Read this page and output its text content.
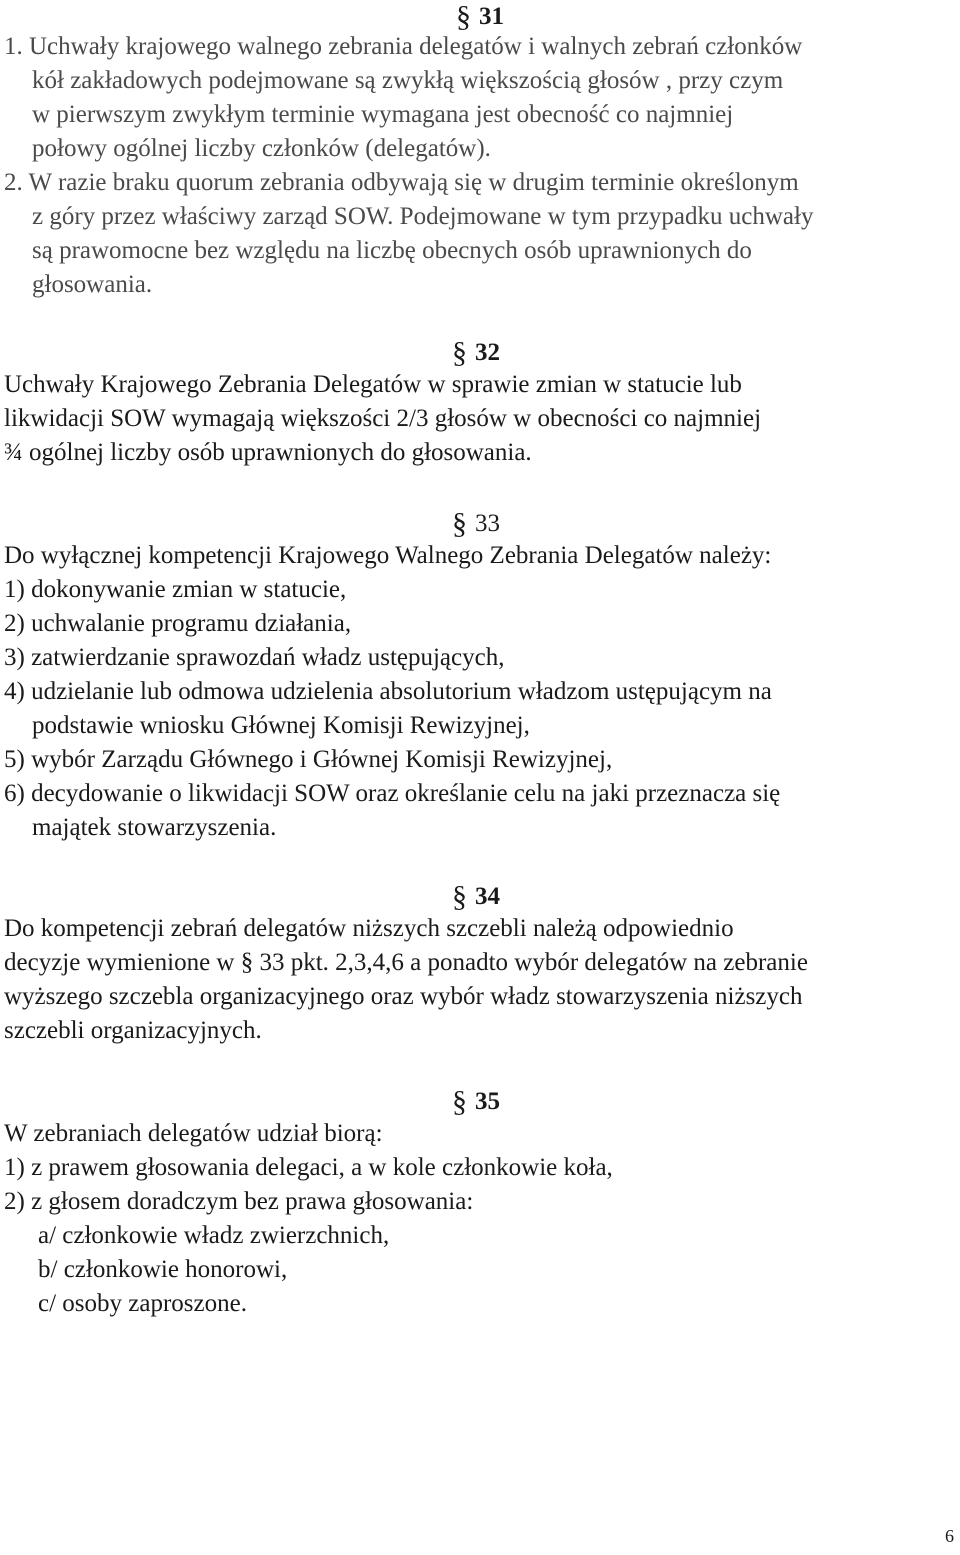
§ 31
1. Uchwały krajowego walnego zebrania delegatów i walnych zebrań członków
kół zakładowych podejmowane są zwykłą większością głosów , przy czym
w pierwszym zwykłym terminie wymagana jest obecność co najmniej
połowy ogólnej liczby członków (delegatów).
2. W razie braku quorum zebrania odbywają się w drugim terminie określonym
z góry przez właściwy zarząd SOW. Podejmowane w tym przypadku uchwały
są prawomocne bez względu na liczbę obecnych osób uprawnionych do
głosowania.
§ 32
Uchwały Krajowego Zebrania Delegatów w sprawie zmian w statucie lub
likwidacji SOW wymagają większości 2/3 głosów w obecności co najmniej
¾ ogólnej liczby osób uprawnionych do głosowania.
§ 33
Do wyłącznej kompetencji Krajowego Walnego Zebrania Delegatów należy:
1) dokonywanie zmian w statucie,
2) uchwalanie programu działania,
3) zatwierdzanie sprawozdań władz ustępujących,
4) udzielanie lub odmowa udzielenia absolutorium władzom ustępującym na
podstawie wniosku Głównej Komisji Rewizyjnej,
5) wybór Zarządu Głównego i Głównej Komisji Rewizyjnej,
6) decydowanie o likwidacji SOW oraz określanie celu na jaki przeznacza się
majątek stowarzyszenia.
§ 34
Do kompetencji zebrań delegatów niższych szczebli należą odpowiednio
decyzje wymienione w § 33 pkt. 2,3,4,6 a ponadto wybór delegatów na zebranie
wyższego szczebla organizacyjnego oraz wybór władz stowarzyszenia niższych
szczebli organizacyjnych.
§ 35
W zebraniach delegatów udział biorą:
1) z prawem głosowania delegaci, a w kole członkowie koła,
2) z głosem doradczym bez prawa głosowania:
a/ członkowie władz zwierzchnich,
b/ członkowie honorowi,
c/ osoby zaproszone.
6
